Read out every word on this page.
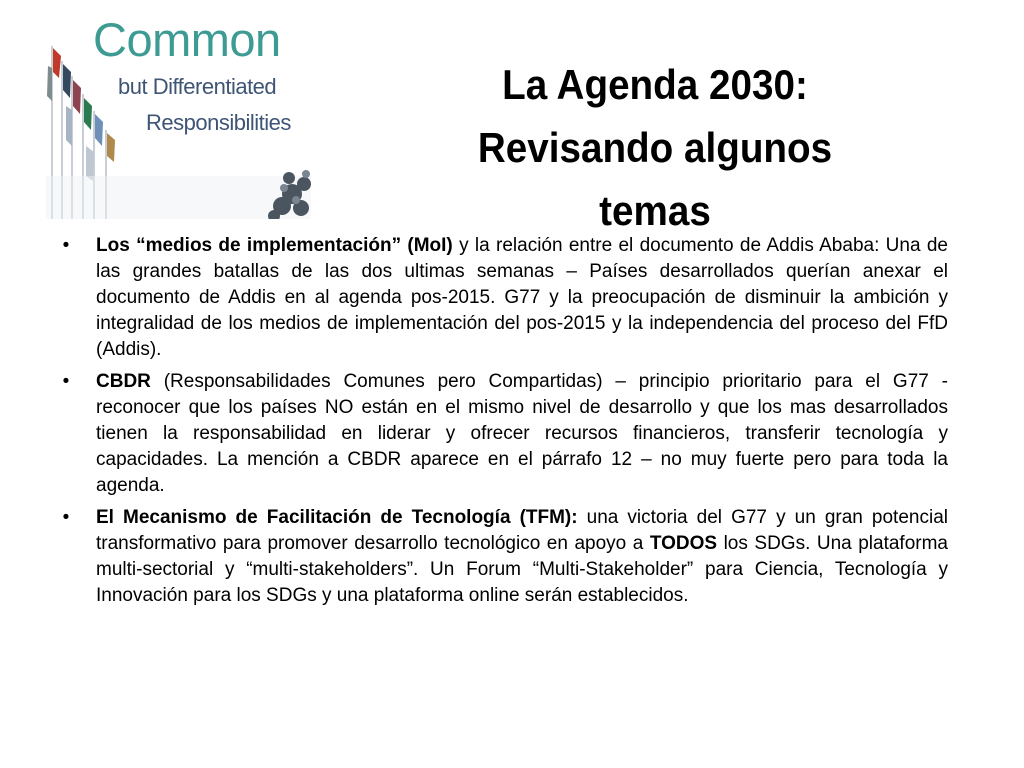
Common
but Differentiated
Responsibilities
La Agenda 2030:
Revisando algunos
temas
•	Los “medios de implementación” (MoI) y la relación entre el documento de Addis Ababa: Una de las grandes batallas de las dos ultimas semanas – Países desarrollados querían anexar el documento de Addis en al agenda pos-2015. G77 y la preocupación de disminuir la ambición y integralidad de los medios de implementación del pos-2015 y la independencia del proceso del FfD (Addis).
•	CBDR (Responsabilidades Comunes pero Compartidas) – principio prioritario para el G77 - reconocer que los países NO están en el mismo nivel de desarrollo y que los mas desarrollados tienen la responsabilidad en liderar y ofrecer recursos financieros, transferir tecnología y capacidades. La mención a CBDR aparece en el párrafo 12 – no muy fuerte pero para toda la agenda.
•	El Mecanismo de Facilitación de Tecnología (TFM): una victoria del G77 y un gran potencial transformativo para promover desarrollo tecnológico en apoyo a TODOS los SDGs. Una plataforma multi-sectorial y “multi-stakeholders”. Un Forum “Multi-Stakeholder” para Ciencia, Tecnología y Innovación para los SDGs y una plataforma online serán establecidos.
